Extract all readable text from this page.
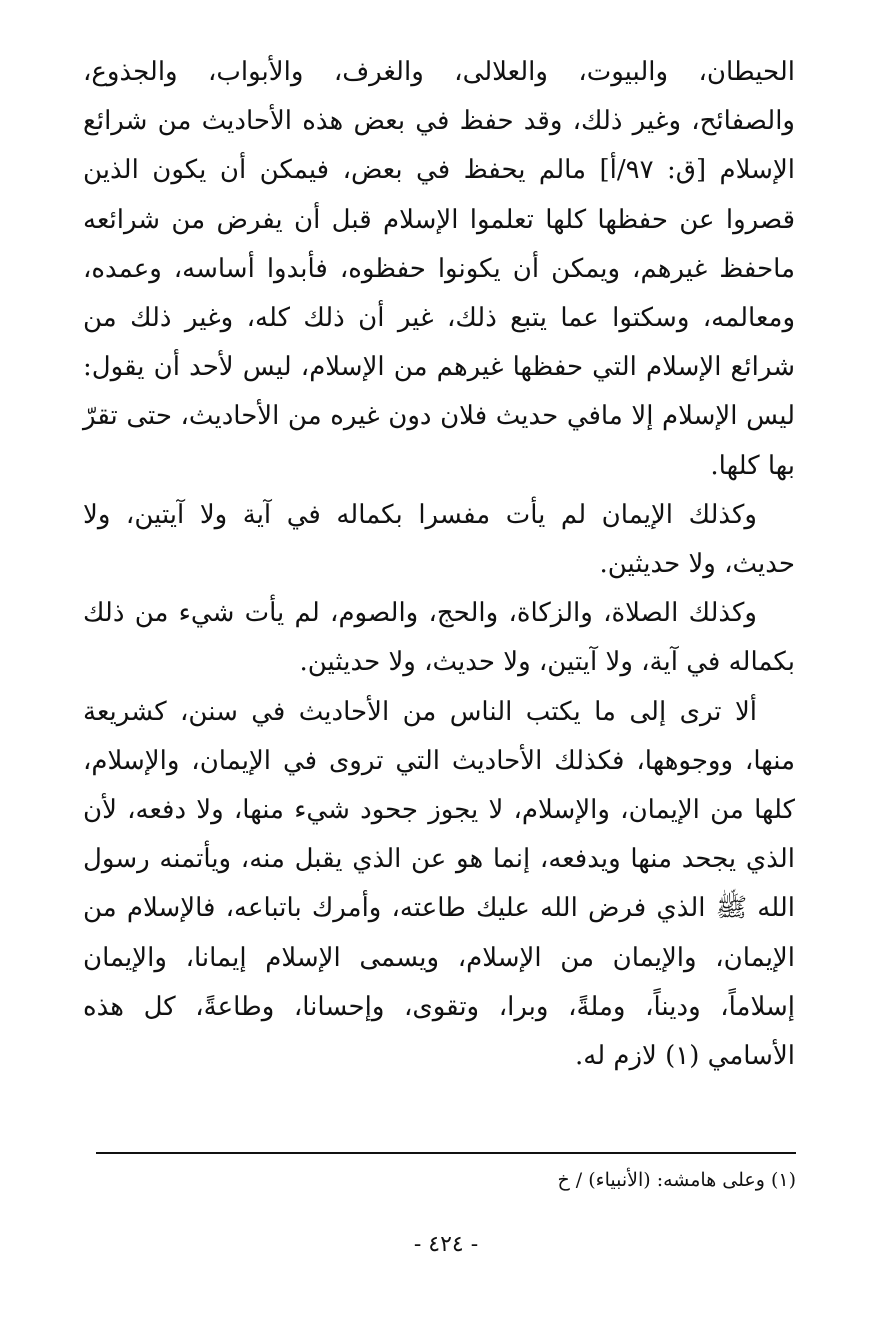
الحيطان، والبيوت، والعلالى، والغرف، والأبواب، والجذوع، والصفائح، وغير ذلك، وقد حفظ في بعض هذه الأحاديث من شرائع الإسلام [ق: ٩٧/أ] مالم يحفظ في بعض، فيمكن أن يكون الذين قصروا عن حفظها كلها تعلموا الإسلام قبل أن يفرض من شرائعه ماحفظ غيرهم، ويمكن أن يكونوا حفظوه، فأبدوا أساسه، وعمده، ومعالمه، وسكتوا عما يتبع ذلك، غير أن ذلك كله، وغير ذلك من شرائع الإسلام التي حفظها غيرهم من الإسلام، ليس لأحد أن يقول: ليس الإسلام إلا مافي حديث فلان دون غيره من الأحاديث، حتى تقرّ بها كلها.

وكذلك الإيمان لم يأت مفسرا بكماله في آية ولا آيتين، ولا حديث، ولا حديثين.

وكذلك الصلاة، والزكاة، والحج، والصوم، لم يأت شيء من ذلك بكماله في آية، ولا آيتين، ولا حديث، ولا حديثين.

ألا ترى إلى ما يكتب الناس من الأحاديث في سنن، كشريعة منها، ووجوهها، فكذلك الأحاديث التي تروى في الإيمان، والإسلام، كلها من الإيمان، والإسلام، لا يجوز جحود شيء منها، ولا دفعه، لأن الذي يجحد منها ويدفعه، إنما هو عن الذي يقبل منه، ويأتمنه رسول الله ﷺ الذي فرض الله عليك طاعته، وأمرك باتباعه، فالإسلام من الإيمان، والإيمان من الإسلام، ويسمى الإسلام إيمانا، والإيمان إسلاماً، وديناً، وملةً، وبرا، وتقوى، وإحسانا، وطاعةً، كل هذه الأسامي (١) لازم له.

(١) وعلى هامشه: (الأنبياء) / خ
- ٤٢٤ -
